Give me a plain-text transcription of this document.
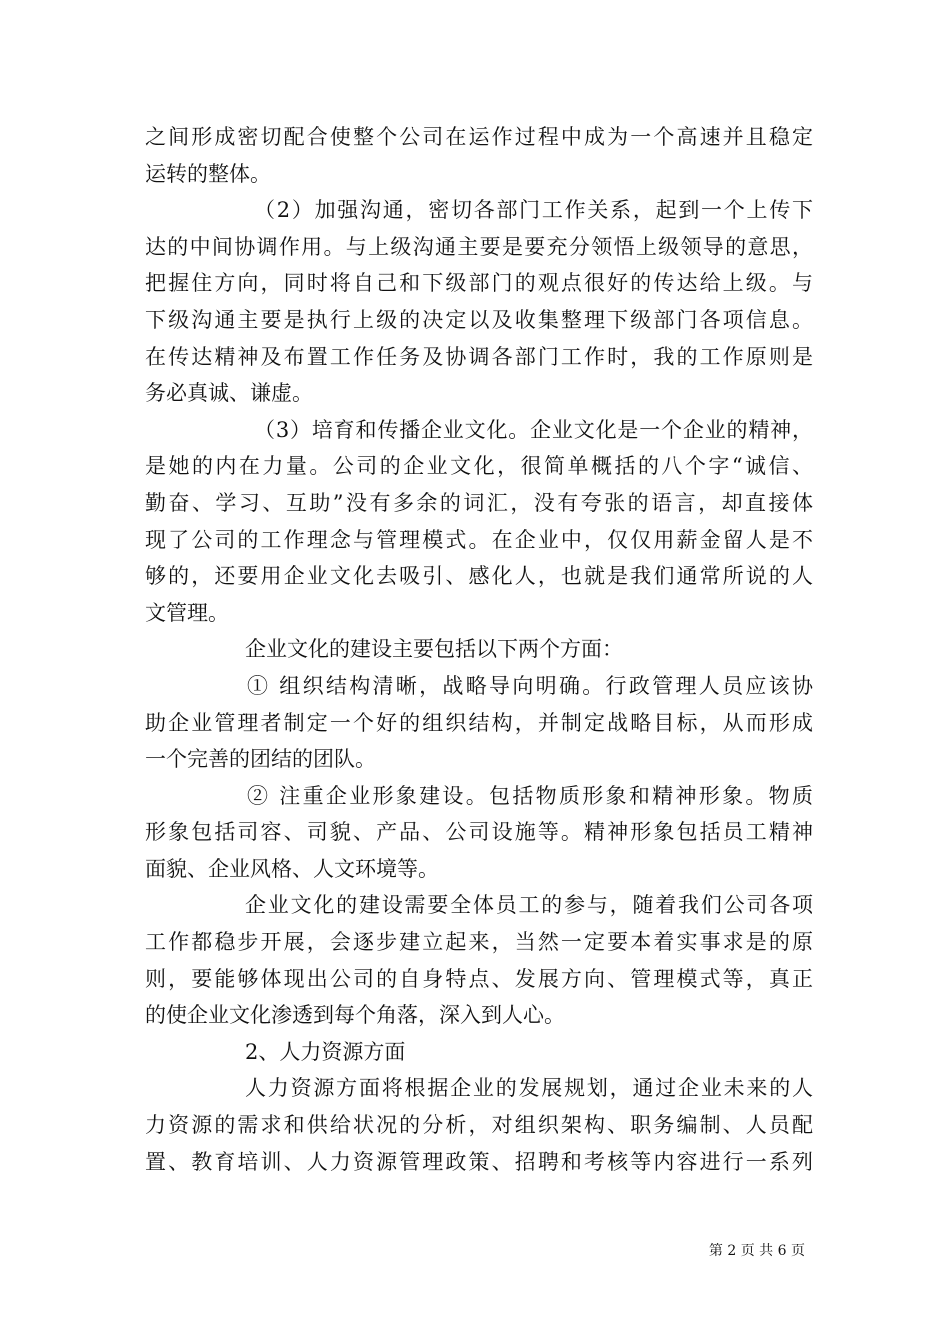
之间形成密切配合使整个公司在运作过程中成为一个高速并且稳定
运转的整体。
（2）加强沟通，密切各部门工作关系，起到一个上传下
达的中间协调作用。与上级沟通主要是要充分领悟上级领导的意思，
把握住方向，同时将自己和下级部门的观点很好的传达给上级。与
下级沟通主要是执行上级的决定以及收集整理下级部门各项信息。
在传达精神及布置工作任务及协调各部门工作时，我的工作原则是
务必真诚、谦虚。
（3）培育和传播企业文化。企业文化是一个企业的精神，
是她的内在力量。公司的企业文化，很简单概括的八个字“诚信、
勤奋、学习、互助”没有多余的词汇，没有夸张的语言，却直接体
现了公司的工作理念与管理模式。在企业中，仅仅用薪金留人是不
够的，还要用企业文化去吸引、感化人，也就是我们通常所说的人
文管理。
企业文化的建设主要包括以下两个方面：
① 组织结构清晰，战略导向明确。行政管理人员应该协
助企业管理者制定一个好的组织结构，并制定战略目标，从而形成
一个完善的团结的团队。
② 注重企业形象建设。包括物质形象和精神形象。物质
形象包括司容、司貌、产品、公司设施等。精神形象包括员工精神
面貌、企业风格、人文环境等。
企业文化的建设需要全体员工的参与，随着我们公司各项
工作都稳步开展，会逐步建立起来，当然一定要本着实事求是的原
则，要能够体现出公司的自身特点、发展方向、管理模式等，真正
的使企业文化渗透到每个角落，深入到人心。
2、人力资源方面
人力资源方面将根据企业的发展规划，通过企业未来的人
力资源的需求和供给状况的分析，对组织架构、职务编制、人员配
置、教育培训、人力资源管理政策、招聘和考核等内容进行一系列
第 2 页 共 6 页
